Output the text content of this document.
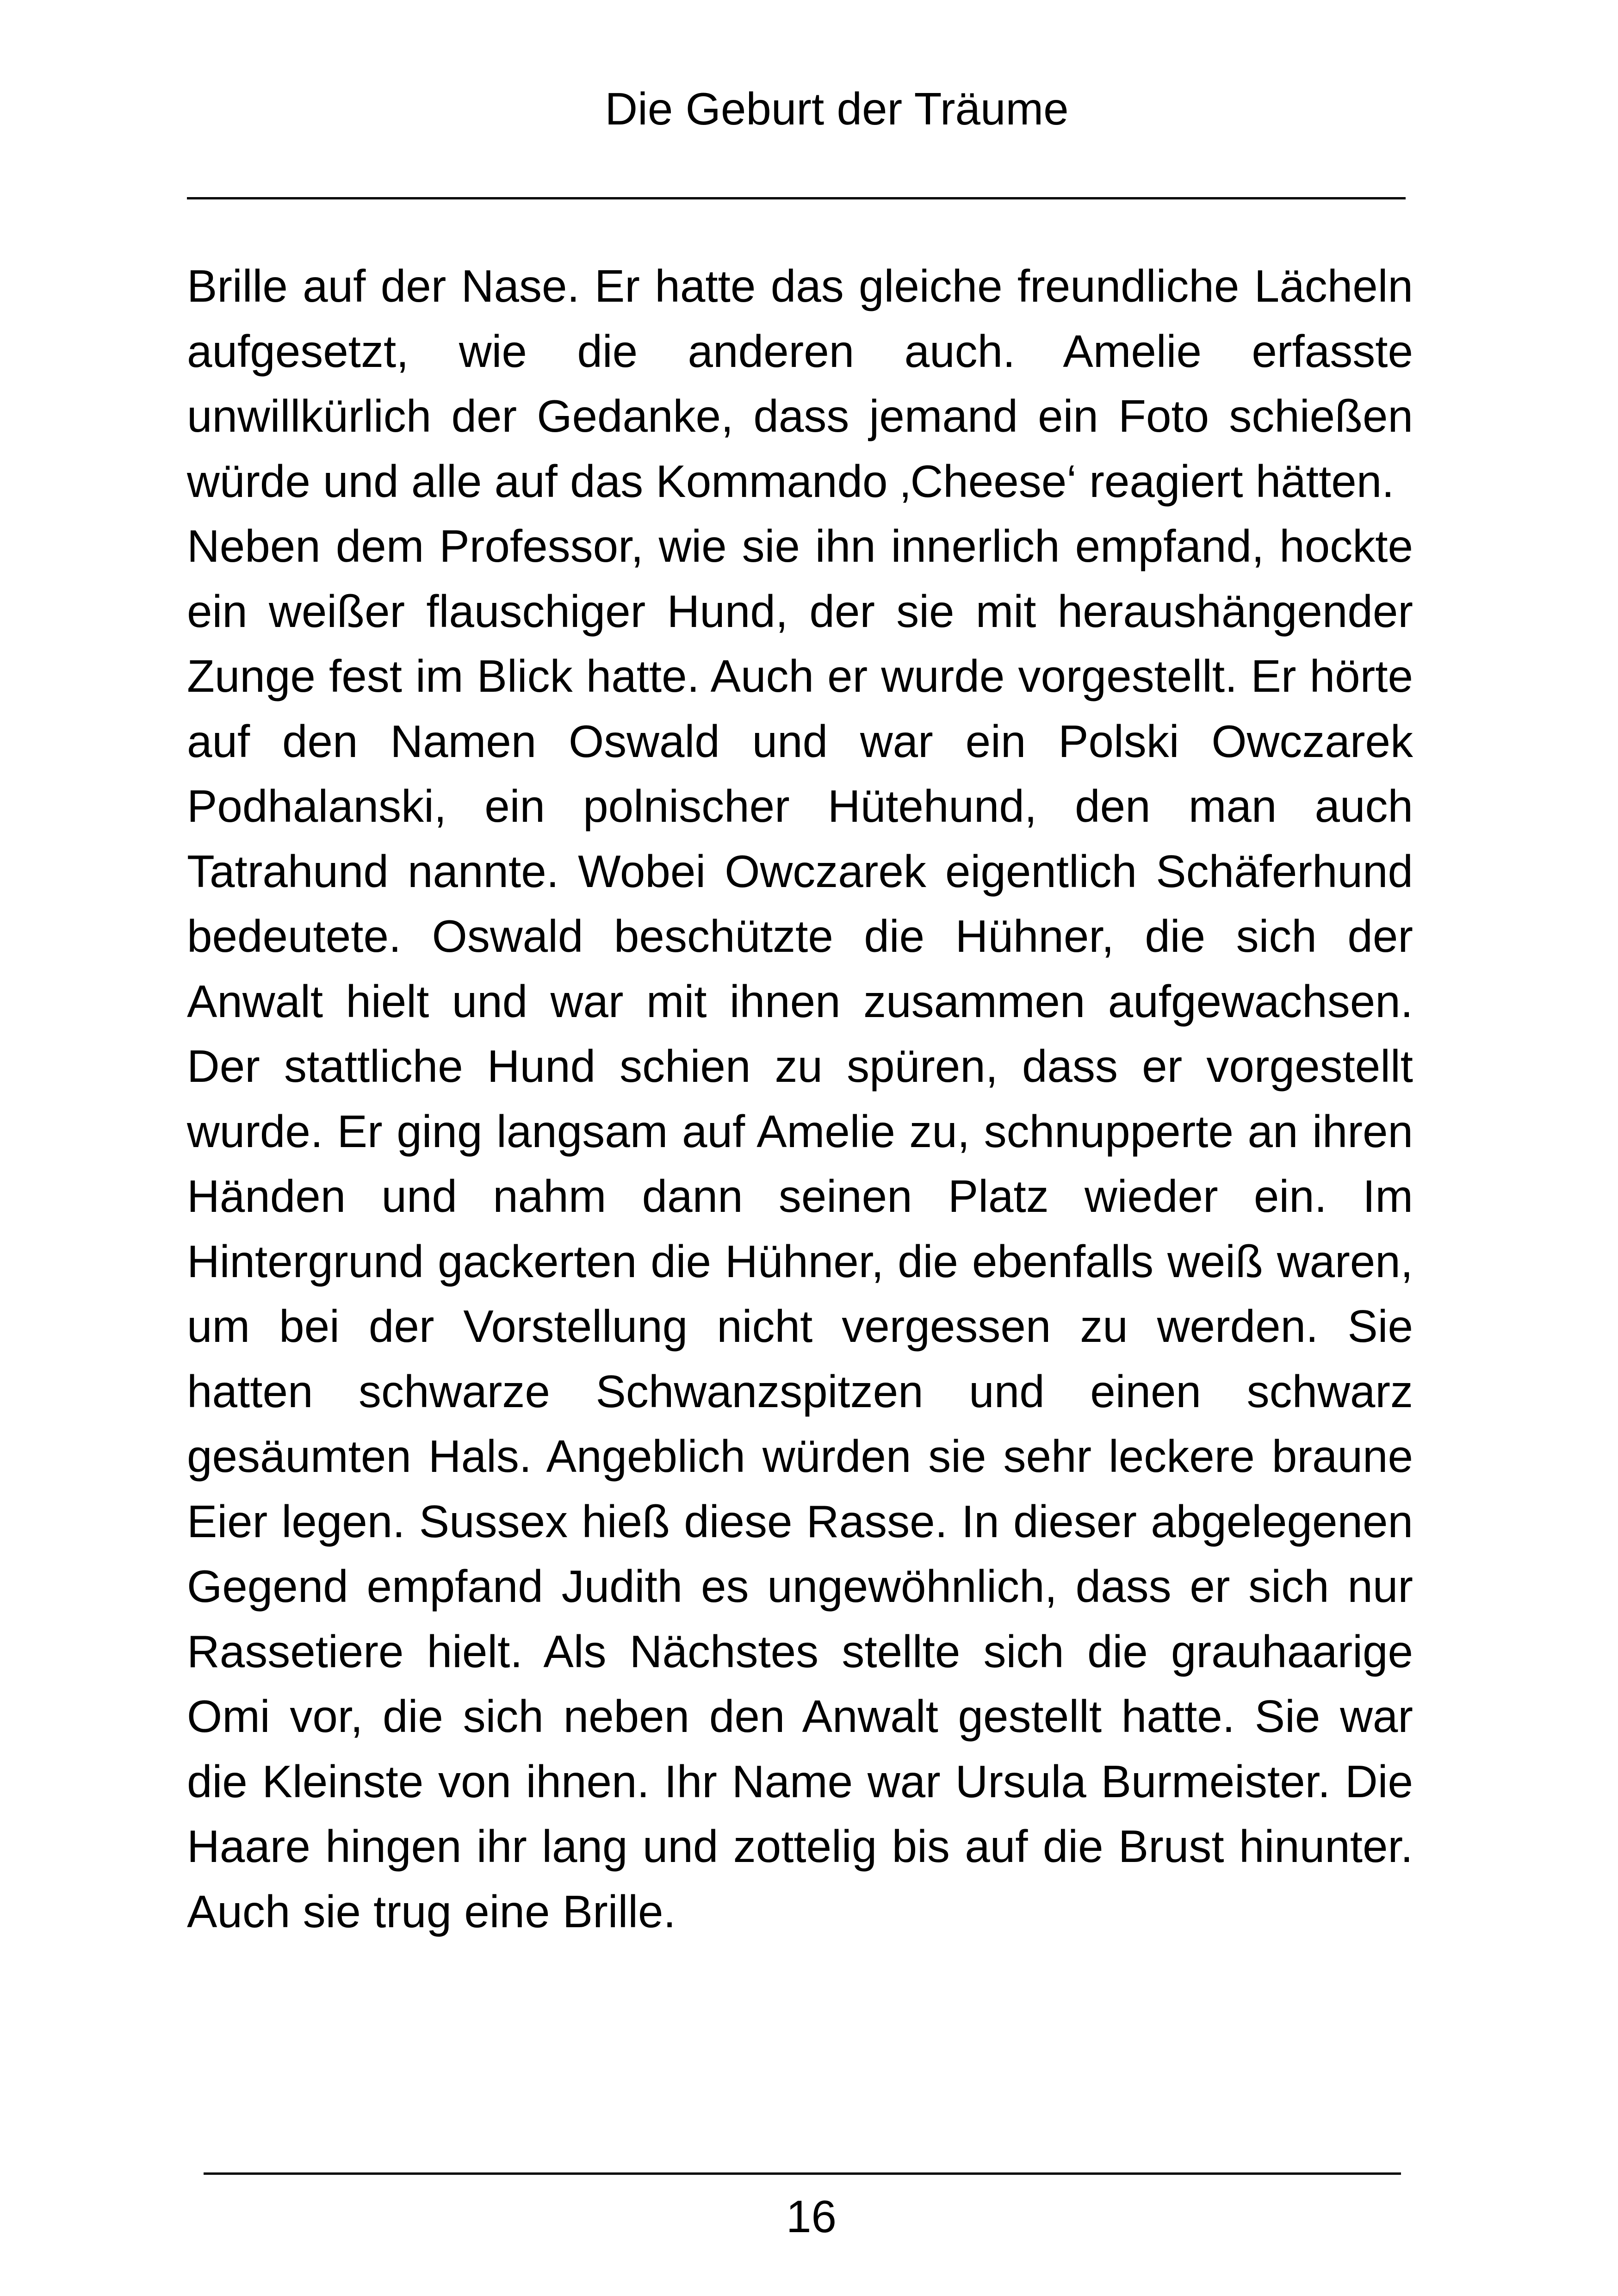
Die Geburt der Träume

Brille auf der Nase. Er hatte das gleiche freundliche Lächeln aufgesetzt, wie die anderen auch. Amelie erfasste unwillkürlich der Gedanke, dass jemand ein Foto schießen würde und alle auf das Kommando ‚Cheese‘ reagiert hätten.

Neben dem Professor, wie sie ihn innerlich empfand, hockte ein weißer flauschiger Hund, der sie mit heraushängender Zunge fest im Blick hatte. Auch er wurde vorgestellt. Er hörte auf den Namen Oswald und war ein Polski Owczarek Podhalanski, ein polnischer Hütehund, den man auch Tatrahund nannte. Wobei Owczarek eigentlich Schäferhund bedeutete. Oswald beschützte die Hühner, die sich der Anwalt hielt und war mit ihnen zusammen aufgewachsen. Der stattliche Hund schien zu spüren, dass er vorgestellt wurde. Er ging langsam auf Amelie zu, schnupperte an ihren Händen und nahm dann seinen Platz wieder ein. Im Hintergrund gackerten die Hühner, die ebenfalls weiß waren, um bei der Vorstellung nicht vergessen zu werden. Sie hatten schwarze Schwanzspitzen und einen schwarz gesäumten Hals. Angeblich würden sie sehr leckere braune Eier legen. Sussex hieß diese Rasse. In dieser abgelegenen Gegend empfand Judith es ungewöhnlich, dass er sich nur Rassetiere hielt. Als Nächstes stellte sich die grauhaarige Omi vor, die sich neben den Anwalt gestellt hatte. Sie war die Kleinste von ihnen. Ihr Name war Ursula Burmeister. Die Haare hingen ihr lang und zottelig bis auf die Brust hinunter. Auch sie trug eine Brille.

16
